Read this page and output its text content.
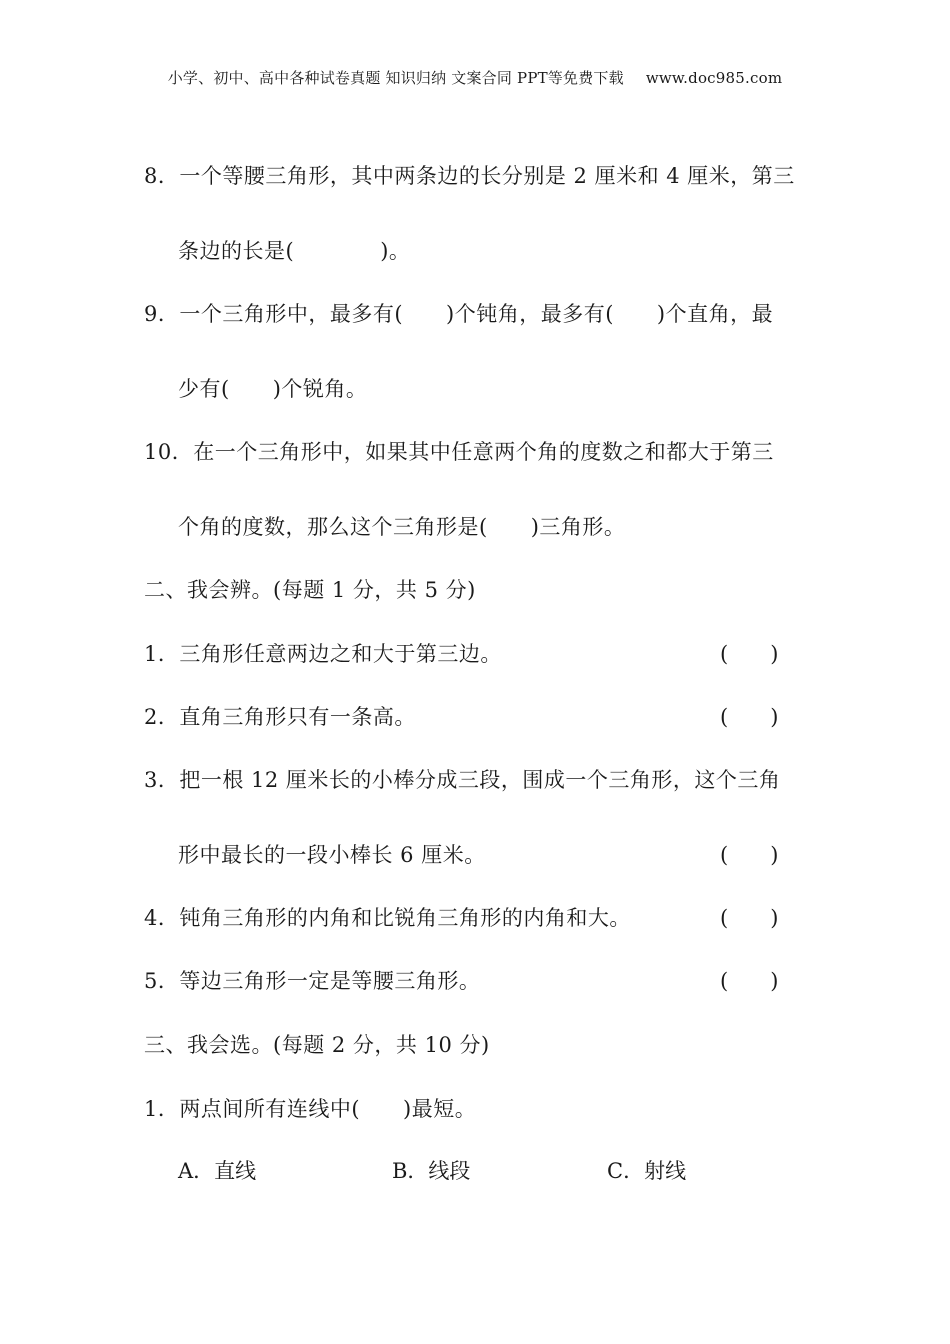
小学、初中、高中各种试卷真题 知识归纳 文案合同 PPT等免费下载 www.doc985.com
8．一个等腰三角形，其中两条边的长分别是 2 厘米和 4 厘米，第三
条边的长是(　　　　)。
9．一个三角形中，最多有(　　)个钝角，最多有(　　)个直角，最
少有(　　)个锐角。
10．在一个三角形中，如果其中任意两个角的度数之和都大于第三
个角的度数，那么这个三角形是(　　)三角形。
二、我会辨。(每题 1 分，共 5 分)
1．三角形任意两边之和大于第三边。	(　　)
2．直角三角形只有一条高。	(　　)
3．把一根 12 厘米长的小棒分成三段，围成一个三角形，这个三角
形中最长的一段小棒长 6 厘米。	(　　)
4．钝角三角形的内角和比锐角三角形的内角和大。	(　　)
5．等边三角形一定是等腰三角形。	(　　)
三、我会选。(每题 2 分，共 10 分)
1．两点间所有连线中(　　)最短。
A．直线	B．线段	C．射线
